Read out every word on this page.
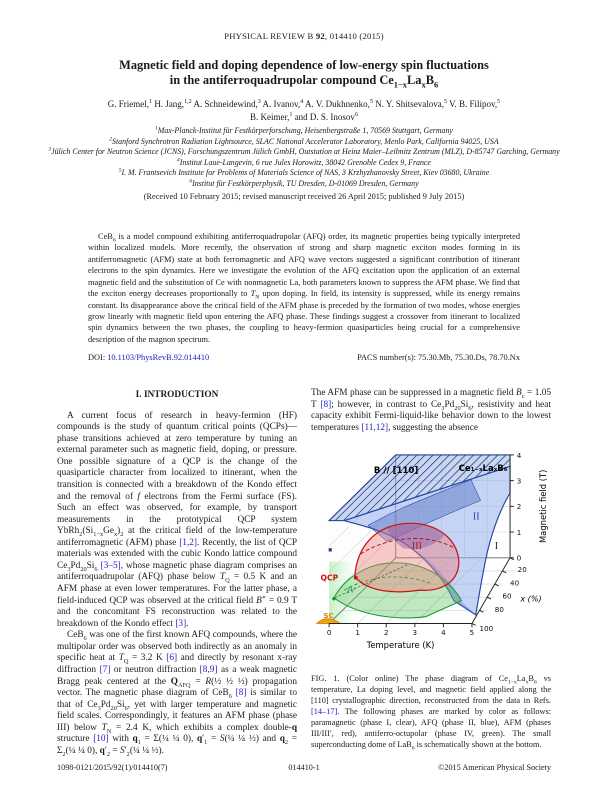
PHYSICAL REVIEW B 92, 014410 (2015)
Magnetic field and doping dependence of low-energy spin fluctuations
in the antiferroquadrupolar compound $Ce_{1-x}La_xB_6$
G. Friemel,$^1$ H. Jang,$^{1,2}$ A. Schneidewind,$^3$ A. Ivanov,$^4$ A. V. Dukhnenko,$^5$ N. Y. Shitsevalova,$^5$ V. B. Filipov,$^5$
B. Keimer,$^1$ and D. S. Inosov$^6$
$^1$Max-Planck-Institut für Festkörperforschung, Heisenbergstraße 1, 70569 Stuttgart, Germany
$^2$Stanford Synchrotron Radiation Lightsource, SLAC National Accelerator Laboratory, Menlo Park, California 94025, USA
$^3$Jülich Center for Neutron Science (JCNS), Forschungszentrum Jülich GmbH, Outstation at Heinz Maier–Leibnitz Zentrum (MLZ), D-85747 Garching, Germany
$^4$Institut Laue-Langevin, 6 rue Jules Horowitz, 38042 Grenoble Cedex 9, France
$^5$I. M. Frantsevich Institute for Problems of Materials Science of NAS, 3 Krzhyzhanovsky Street, Kiev 03680, Ukraine
$^6$Institut für Festkörperphysik, TU Dresden, D-01069 Dresden, Germany
(Received 10 February 2015; revised manuscript received 26 April 2015; published 9 July 2015)
CeB$_6$ is a model compound exhibiting antiferroquadrupolar (AFQ) order, its magnetic properties being typically interpreted within localized models. More recently, the observation of strong and sharp magnetic exciton modes forming in its antiferromagnetic (AFM) state at both ferromagnetic and AFQ wave vectors suggested a significant contribution of itinerant electrons to the spin dynamics. Here we investigate the evolution of the AFQ excitation upon the application of an external magnetic field and the substitution of Ce with nonmagnetic La, both parameters known to suppress the AFM phase. We find that the exciton energy decreases proportionally to $T_N$ upon doping. In field, its intensity is suppressed, while its energy remains constant. Its disappearance above the critical field of the AFM phase is preceded by the formation of two modes, whose energies grow linearly with magnetic field upon entering the AFQ phase. These findings suggest a crossover from itinerant to localized spin dynamics between the two phases, the coupling to heavy-fermion quasiparticles being crucial for a comprehensive description of the magnon spectrum.
DOI: 10.1103/PhysRevB.92.014410	PACS number(s): 75.30.Mb, 75.30.Ds, 78.70.Nx
I. INTRODUCTION

A current focus of research in heavy-fermion (HF) compounds is the study of quantum critical points (QCPs)—phase transitions achieved at zero temperature by tuning an external parameter such as magnetic field, doping, or pressure. One possible signature of a QCP is the change of the quasiparticle character from localized to itinerant, when the transition is connected with a breakdown of the Kondo effect and the removal of f electrons from the Fermi surface (FS). Such an effect was observed, for example, by transport measurements in the prototypical QCP system $YbRh_2(Si_{1-x}Ge_x)_2$ at the critical field of the low-temperature antiferromagnetic (AFM) phase [1,2]. Recently, the list of QCP materials was extended with the cubic Kondo lattice compound $Ce_3Pd_{20}Si_6$ [3–5], whose magnetic phase diagram comprises an antiferroquadrupolar (AFQ) phase below $T_Q = 0.5$ K and an AFM phase at even lower temperatures. For the latter phase, a field-induced QCP was observed at the critical field B∗ = 0.9 T and the concomitant FS reconstruction was related to the breakdown of the Kondo effect [3].

CeB$_6$ was one of the first known AFQ compounds, where the multipolar order was observed both indirectly as an anomaly in specific heat at $T_Q = 3.2$ K [6] and directly by resonant x-ray diffraction [7] or neutron diffraction [8,9] as a weak magnetic Bragg peak centered at the $Q_{AFQ}$ = R(½ ½ ½) propagation vector. The magnetic phase diagram of CeB$_6$ [8] is similar to that of $Ce_3Pd_{20}Si_6$, yet with larger temperature and magnetic field scales. Correspondingly, it features an AFM phase (phase III) below $T_N = 2.4$ K, which exhibits a complex double-q structure [10] with $q_1$ = Σ(¼ ¼ 0), $q'_1$ = S(¼ ¼ ½) and $q_2$ = $\Sigma_2(\frac{1}{4}$ ¼ 0), $q'_2$ = $S'_2(\frac{1}{4}$ ¼ ½).

The AFM phase can be suppressed in a magnetic field $B_c = 1.05$ T [8]; however, in contrast to $Ce_3Pd_{20}Si_6$, resistivity and heat capacity exhibit Fermi-liquid-like behavior down to the lowest temperatures [11,12], suggesting the absence

0	1	2	3	4	5
0
1
2
3
4
20
40
60
80
100
Temperature (K)
Magnetic field (T)
x (%)
B ∕∕ [110]	Ce₁₋ₓLaₓB₆
II
I
III
IV
QCP
SC
FIG. 1. (Color online) The phase diagram of $Ce_{1-x}La_xB_6$ vs temperature, La doping level, and magnetic field applied along the [110] crystallographic direction, reconstructed from the data in Refs. [14–17]. The following phases are marked by color as follows: paramagnetic (phase I, clear), AFQ (phase II, blue), AFM (phases III/III′, red), antiferro-octupolar (phase IV, green). The small superconducting dome of LaB$_6$ is schematically shown at the bottom.
1098-0121/2015/92(1)/014410(7)	014410-1	©2015 American Physical Society
